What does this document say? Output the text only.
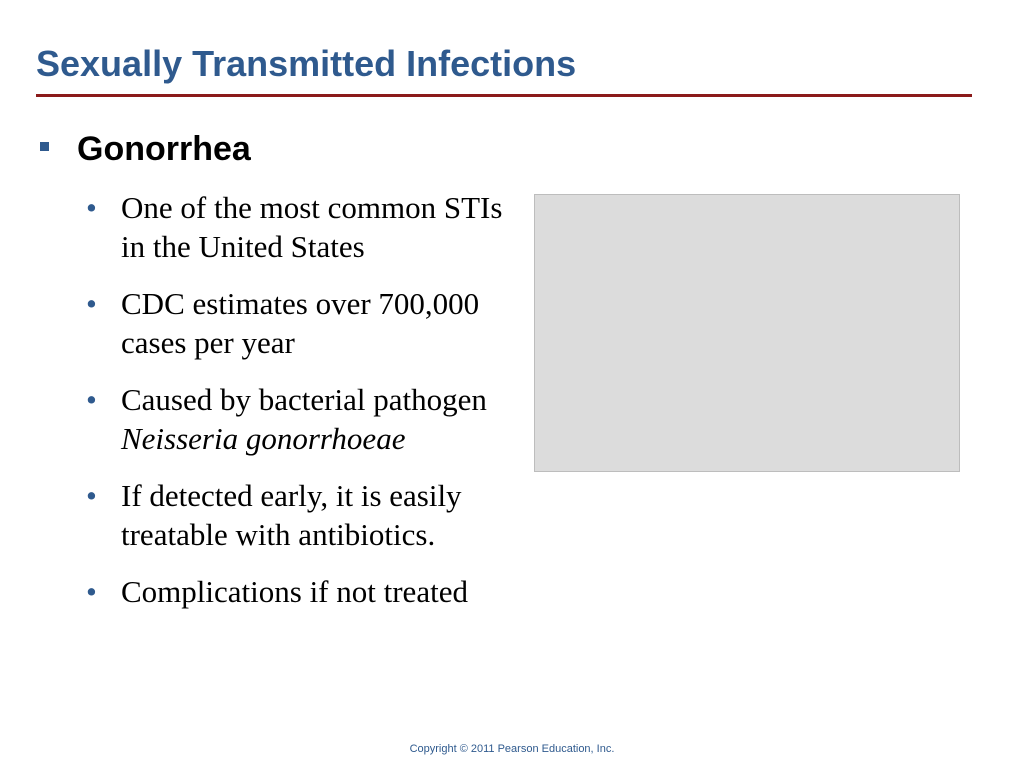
Sexually Transmitted Infections
Gonorrhea
• One of the most common STIs in the United States
• CDC estimates over 700,000 cases per year
• Caused by bacterial pathogen Neisseria gonorrhoeae
• If detected early, it is easily treatable with antibiotics.
• Complications if not treated
Copyright © 2011 Pearson Education, Inc.
